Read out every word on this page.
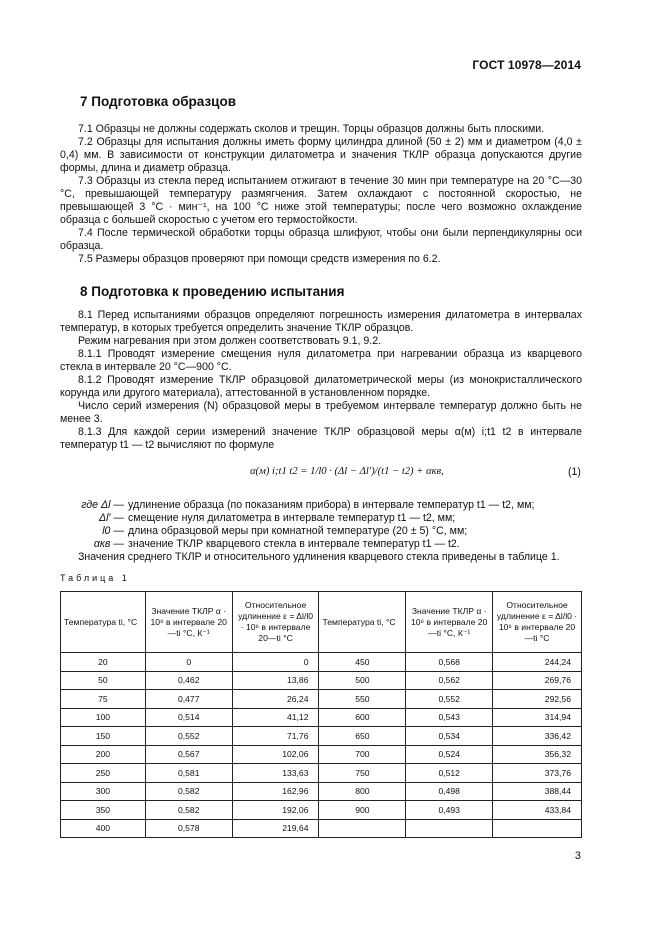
ГОСТ 10978—2014
7 Подготовка образцов

7.1 Образцы не должны содержать сколов и трещин. Торцы образцов должны быть плоскими.

7.2 Образцы для испытания должны иметь форму цилиндра длиной (50 ± 2) мм и диаметром (4,0 ± 0,4) мм. В зависимости от конструкции дилатометра и значения ТКЛР образца допускаются другие формы, длина и диаметр образца.

7.3 Образцы из стекла перед испытанием отжигают в течение 30 мин при температуре на 20 °С—30 °С, превышающей температуру размягчения. Затем охлаждают с постоянной скоростью, не превышающей 3 °С · мин⁻¹, на 100 °С ниже этой температуры; после чего возможно охлаждение образца с большей скоростью с учетом его термостойкости.

7.4 После термической обработки торцы образца шлифуют, чтобы они были перпендикулярны оси образца.

7.5 Размеры образцов проверяют при помощи средств измерения по 6.2.

8 Подготовка к проведению испытания

8.1 Перед испытаниями образцов определяют погрешность измерения дилатометра в интервалах температур, в которых требуется определить значение ТКЛР образцов.

Режим нагревания при этом должен соответствовать 9.1, 9.2.

8.1.1 Проводят измерение смещения нуля дилатометра при нагревании образца из кварцевого стекла в интервале 20 °С—900 °С.

8.1.2 Проводят измерение ТКЛР образцовой дилатометрической меры (из монокристаллического корунда или другого материала), аттестованной в установленном порядке.

Число серий измерения (N) образцовой меры в требуемом интервале температур должно быть не менее 3.

8.1.3 Для каждой серии измерений значение ТКЛР образцовой меры α(м) i;t1 t2 в интервале температур t1 — t2 вычисляют по формуле

α(м) i;t1 t2 = 1/l0 · (Δl − Δl′)/(t1 − t2) + αкв,	(1)
где Δl — удлинение образца (по показаниям прибора) в интервале температур t1 — t2, мм;
Δl′ — смещение нуля дилатометра в интервале температур t1 — t2, мм;
l0 — длина образцовой меры при комнатной температуре (20 ± 5) °С, мм;
αкв — значение ТКЛР кварцевого стекла в интервале температур t1 — t2.
Значения среднего ТКЛР и относительного удлинения кварцевого стекла приведены в таблице 1.
Таблица 1
Температура ti, °С	Значение ТКЛР α · 10⁶ в интервале 20—ti °С, К⁻¹	Относительное удлинение ε = Δl/l0 · 10⁶ в интервале 20—ti °С	Температура ti, °С	Значение ТКЛР α · 10⁶ в интервале 20—ti °С, К⁻¹	Относительное удлинение ε = Δl/l0 · 10⁶ в интервале 20—ti °С
20	0	0	450	0,568	244,24
50	0,462	13,86	500	0,562	269,76
75	0,477	26,24	550	0,552	292,56
100	0,514	41,12	600	0,543	314,94
150	0,552	71,76	650	0,534	336,42
200	0,567	102,06	700	0,524	356,32
250	0,581	133,63	750	0,512	373,76
300	0,582	162,96	800	0,498	388,44
350	0,582	192,06	900	0,493	433,84
400	0,578	219,64			
3
